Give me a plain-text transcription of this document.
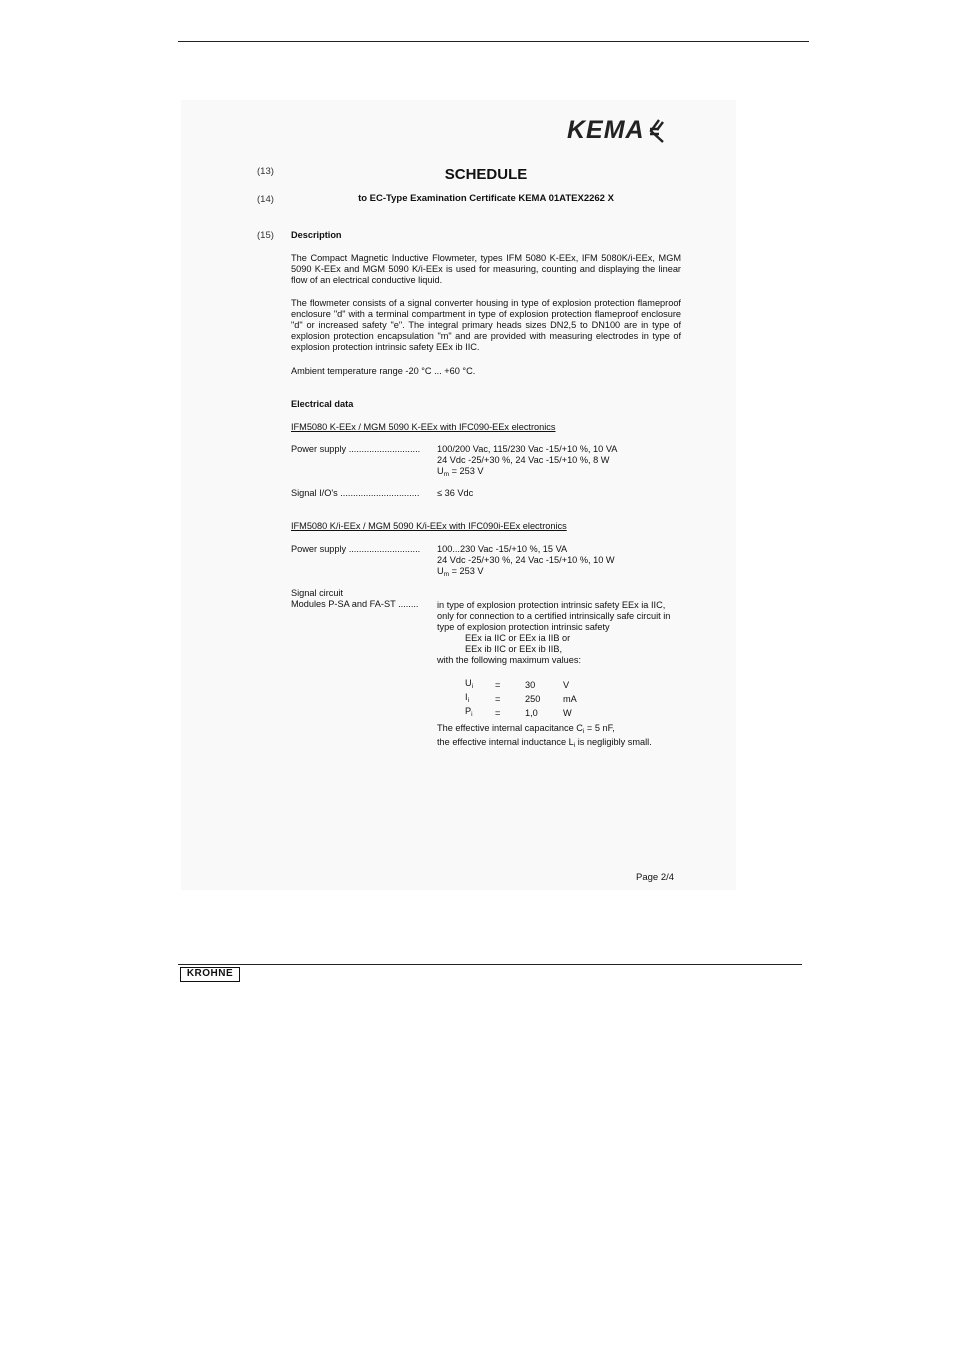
KEMA
(13)	SCHEDULE
(14)	to EC-Type Examination Certificate KEMA 01ATEX2262 X
(15) Description
The Compact Magnetic Inductive Flowmeter, types IFM 5080 K-EEx, IFM 5080K/i-EEx, MGM 5090 K-EEx and MGM 5090 K/i-EEx is used for measuring, counting and displaying the linear flow of an electrical conductive liquid.
The flowmeter consists of a signal converter housing in type of explosion protection flameproof enclosure "d" with a terminal compartment in type of explosion protection flameproof enclosure "d" or increased safety "e". The integral primary heads sizes DN2,5 to DN100 are in type of explosion protection encapsulation "m" and are provided with measuring electrodes in type of explosion protection intrinsic safety EEx ib IIC.
Ambient temperature range -20 °C ... +60 °C.
Electrical data
IFM5080 K-EEx / MGM 5090 K-EEx with IFC090-EEx electronics
Power supply ............................	100/200 Vac, 115/230 Vac -15/+10 %, 10 VA
24 Vdc -25/+30 %, 24 Vac -15/+10 %, 8 W
$U_m = 253$ V
Signal I/O's ...............................	≤ 36 Vdc
IFM5080 K/i-EEx / MGM 5090 K/i-EEx with IFC090i-EEx electronics
Power supply ............................	100...230 Vac -15/+10 %, 15 VA
24 Vdc -25/+30 %, 24 Vac -15/+10 %, 10 W
$U_m = 253$ V
Signal circuit
Modules P-SA and FA-ST ........	in type of explosion protection intrinsic safety EEx ia IIC,
only for connection to a certified intrinsically safe circuit in
type of explosion protection intrinsic safety
EEx ia IIC or EEx ia IIB or
EEx ib IIC or EEx ib IIB,
with the following maximum values:
$U_i$	=	30	V
$I_i$	=	250	mA
$P_i$	=	1,0	W
The effective internal capacitance $C_i = 5$ nF,
the effective internal inductance $L_i$ is negligibly small.
Page 2/4
KROHNE
